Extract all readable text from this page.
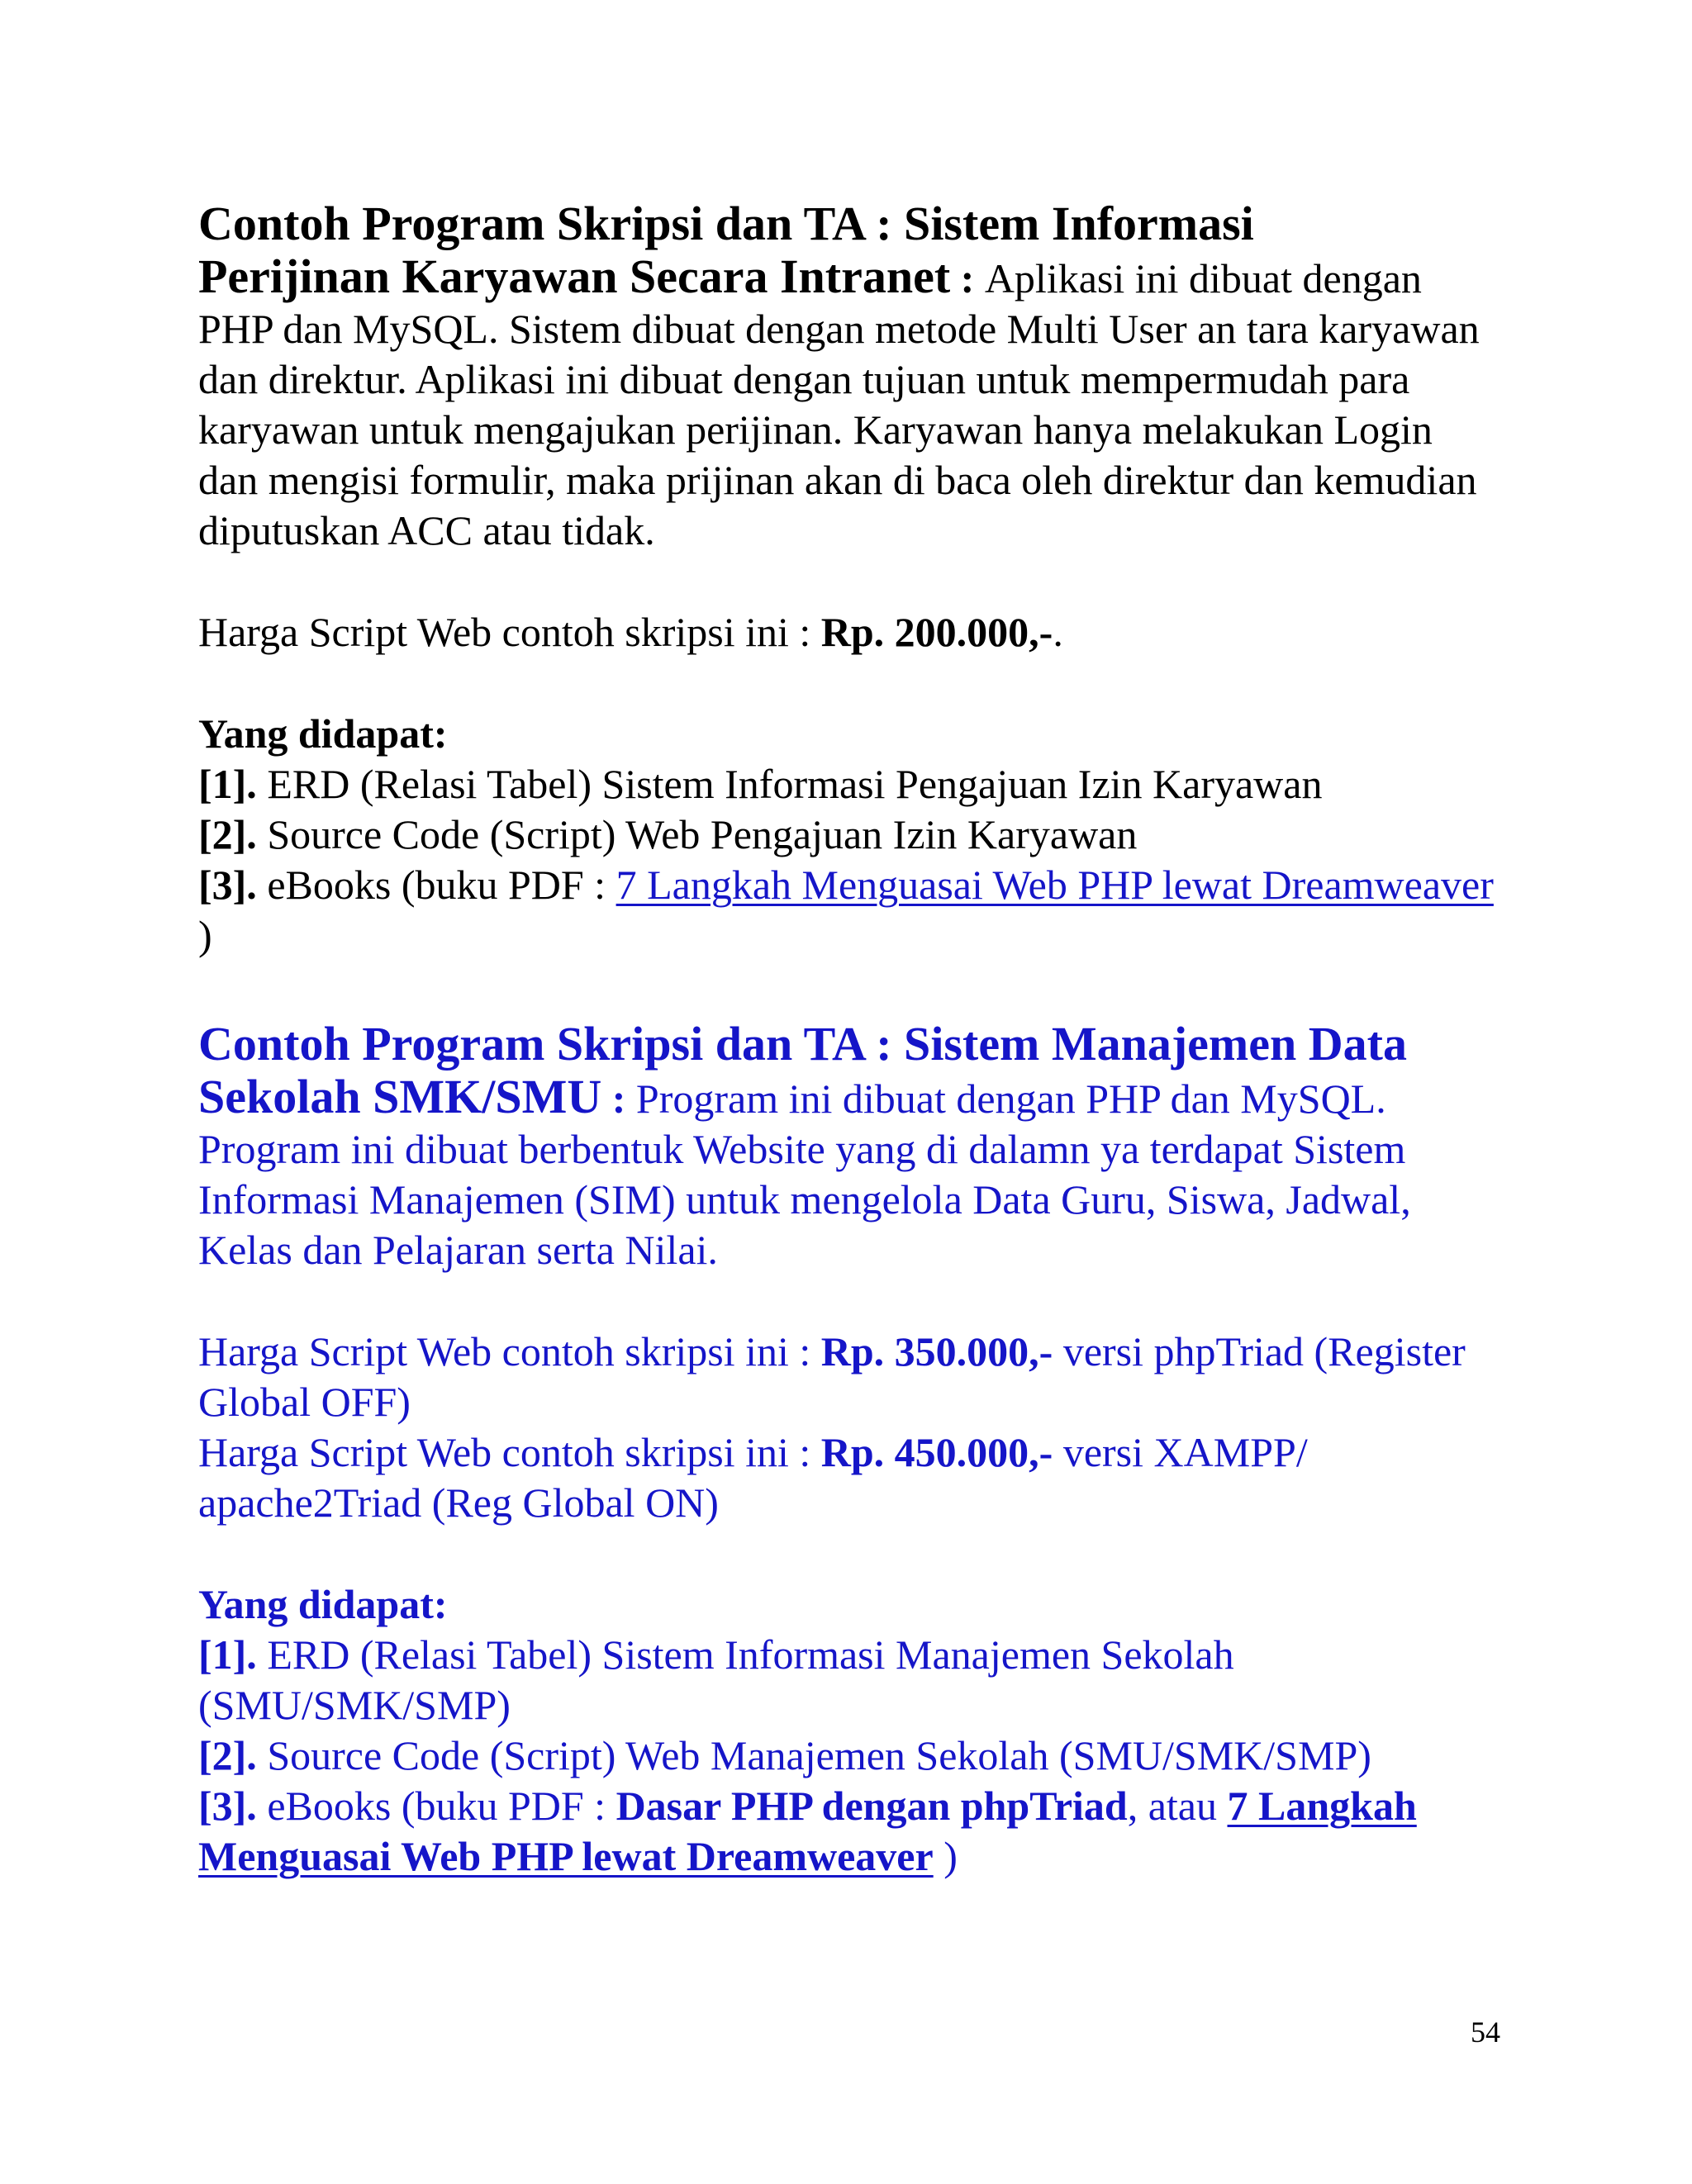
Contoh Program Skripsi dan TA : Sistem Informasi
Perijinan Karyawan Secara Intranet : Aplikasi ini dibuat dengan PHP dan MySQL. Sistem dibuat dengan metode Multi User an tara karyawan dan direktur. Aplikasi ini dibuat dengan tujuan untuk mempermudah para karyawan untuk mengajukan perijinan. Karyawan hanya melakukan Login dan mengisi formulir, maka prijinan akan di baca oleh direktur dan kemudian diputuskan ACC atau tidak.

Harga Script Web contoh skripsi ini : Rp. 200.000,-.

Yang didapat:

[1]. ERD (Relasi Tabel) Sistem Informasi Pengajuan Izin Karyawan

[2]. Source Code (Script) Web Pengajuan Izin Karyawan

[3]. eBooks (buku PDF : 7 Langkah Menguasai Web PHP lewat Dreamweaver )

Contoh Program Skripsi dan TA : Sistem Manajemen Data
Sekolah SMK/SMU : Program ini dibuat dengan PHP dan MySQL. Program ini dibuat berbentuk Website yang di dalamn ya terdapat Sistem Informasi Manajemen (SIM) untuk mengelola Data Guru, Siswa, Jadwal, Kelas dan Pelajaran serta Nilai.

Harga Script Web contoh skripsi ini : Rp. 350.000,- versi phpTriad (Register Global OFF)

Harga Script Web contoh skripsi ini : Rp. 450.000,- versi XAMPP/ apache2Triad (Reg Global ON)

Yang didapat:

[1]. ERD (Relasi Tabel) Sistem Informasi Manajemen Sekolah (SMU/SMK/SMP)

[2]. Source Code (Script) Web Manajemen Sekolah (SMU/SMK/SMP)

[3]. eBooks (buku PDF : Dasar PHP dengan phpTriad, atau 7 Langkah Menguasai Web PHP lewat Dreamweaver )

54
